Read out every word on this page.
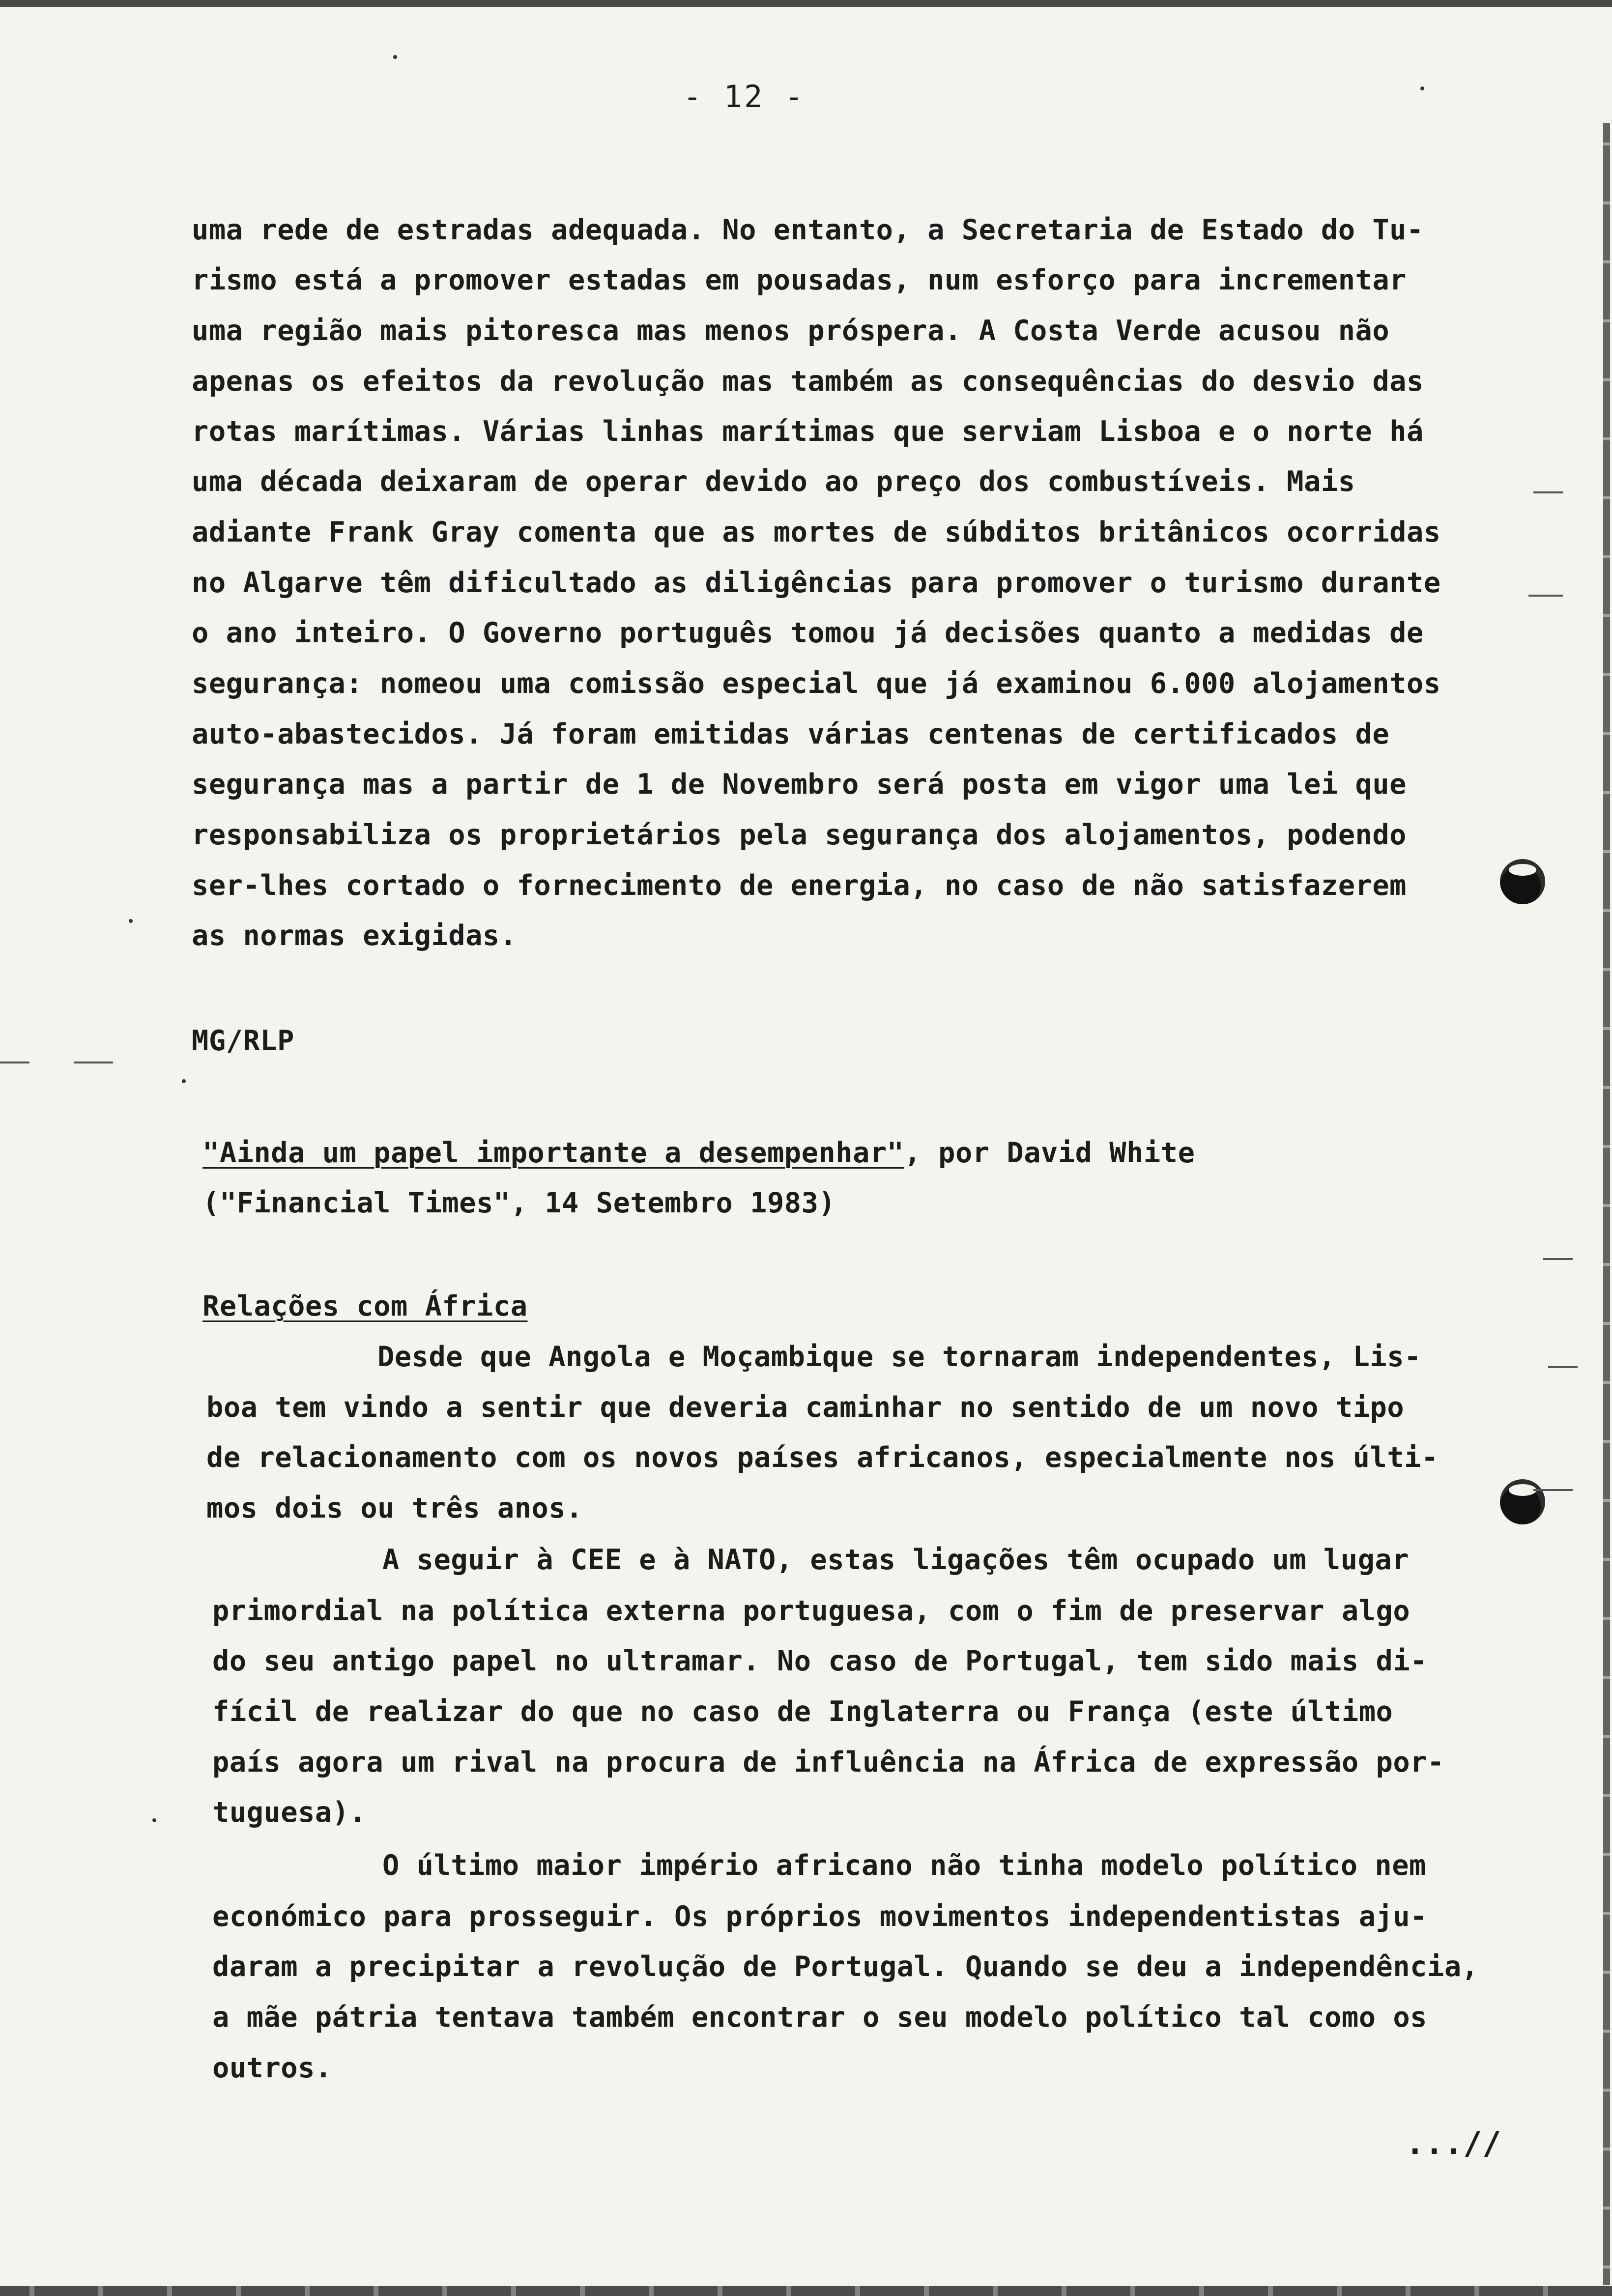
- 12 -
uma rede de estradas adequada. No entanto, a Secretaria de Estado do Tu-
rismo está a promover estadas em pousadas, num esforço para incrementar
uma região mais pitoresca mas menos próspera. A Costa Verde acusou não
apenas os efeitos da revolução mas também as consequências do desvio das
rotas marítimas. Várias linhas marítimas que serviam Lisboa e o norte há
uma década deixaram de operar devido ao preço dos combustíveis. Mais
adiante Frank Gray comenta que as mortes de súbditos britânicos ocorridas
no Algarve têm dificultado as diligências para promover o turismo durante
o ano inteiro. O Governo português tomou já decisões quanto a medidas de
segurança: nomeou uma comissão especial que já examinou 6.000 alojamentos
auto-abastecidos. Já foram emitidas várias centenas de certificados de
segurança mas a partir de 1 de Novembro será posta em vigor uma lei que
responsabiliza os proprietários pela segurança dos alojamentos, podendo
ser-lhes cortado o fornecimento de energia, no caso de não satisfazerem
as normas exigidas.
MG/RLP
"Ainda um papel importante a desempenhar", por David White
("Financial Times", 14 Setembro 1983)
Relações com África
Desde que Angola e Moçambique se tornaram independentes, Lis-
boa tem vindo a sentir que deveria caminhar no sentido de um novo tipo
de relacionamento com os novos países africanos, especialmente nos últi-
mos dois ou três anos.
A seguir à CEE e à NATO, estas ligações têm ocupado um lugar
primordial na política externa portuguesa, com o fim de preservar algo
do seu antigo papel no ultramar. No caso de Portugal, tem sido mais di-
fícil de realizar do que no caso de Inglaterra ou França (este último
país agora um rival na procura de influência na África de expressão por-
tuguesa).
O último maior império africano não tinha modelo político nem
económico para prosseguir. Os próprios movimentos independentistas aju-
daram a precipitar a revolução de Portugal. Quando se deu a independência,
a mãe pátria tentava também encontrar o seu modelo político tal como os
outros.
...//
